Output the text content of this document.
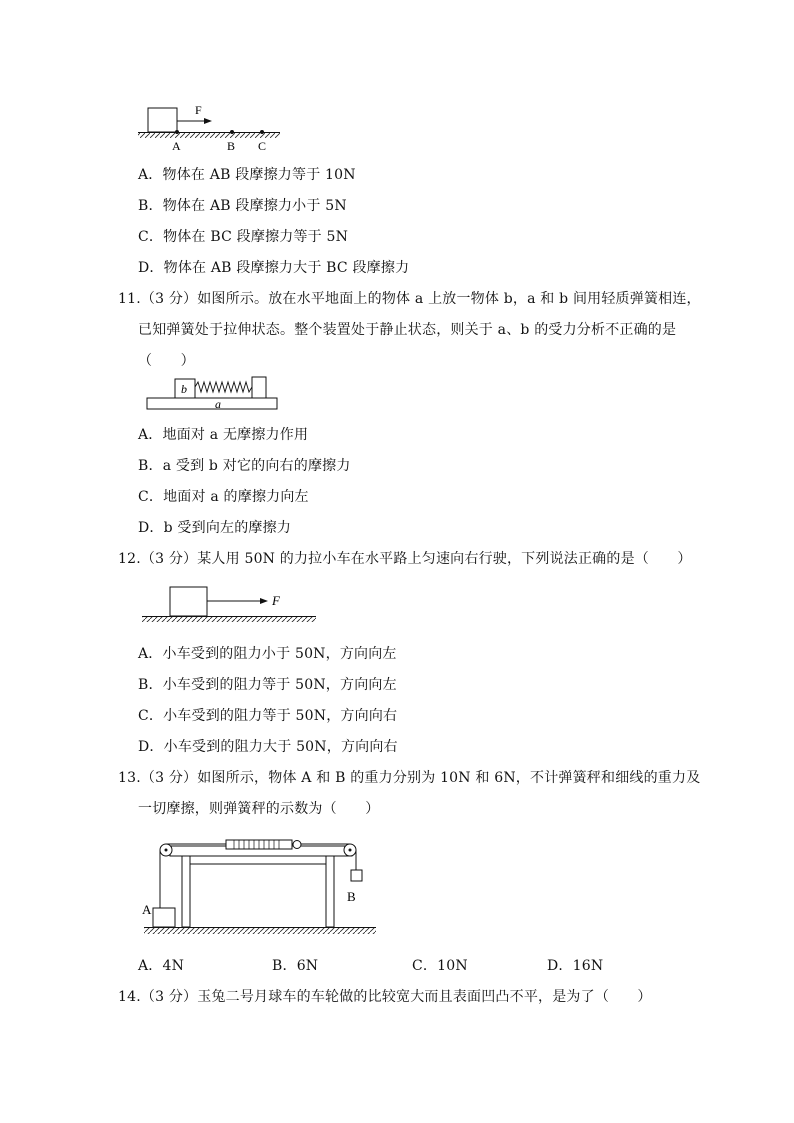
F
A	B C
A．物体在 AB 段摩擦力等于 10N
B．物体在 AB 段摩擦力小于 5N
C．物体在 BC 段摩擦力等于 5N
D．物体在 AB 段摩擦力大于 BC 段摩擦力
11.（3 分）如图所示。放在水平地面上的物体 a 上放一物体 b，a 和 b 间用轻质弹簧相连，
已知弹簧处于拉伸状态。整个装置处于静止状态，则关于 a、b 的受力分析不正确的是
（　　）
b
a
A．地面对 a 无摩擦力作用
B．a 受到 b 对它的向右的摩擦力
C．地面对 a 的摩擦力向左
D．b 受到向左的摩擦力
12.（3 分）某人用 50N 的力拉小车在水平路上匀速向右行驶，下列说法正确的是（　　）
F
A．小车受到的阻力小于 50N，方向向左
B．小车受到的阻力等于 50N，方向向左
C．小车受到的阻力等于 50N，方向向右
D．小车受到的阻力大于 50N，方向向右
13.（3 分）如图所示，物体 A 和 B 的重力分别为 10N 和 6N，不计弹簧秤和细线的重力及
一切摩擦，则弹簧秤的示数为（　　）
A
B
A．4N	B．6N	C．10N	D．16N
14.（3 分）玉兔二号月球车的车轮做的比较宽大而且表面凹凸不平，是为了（　　）
